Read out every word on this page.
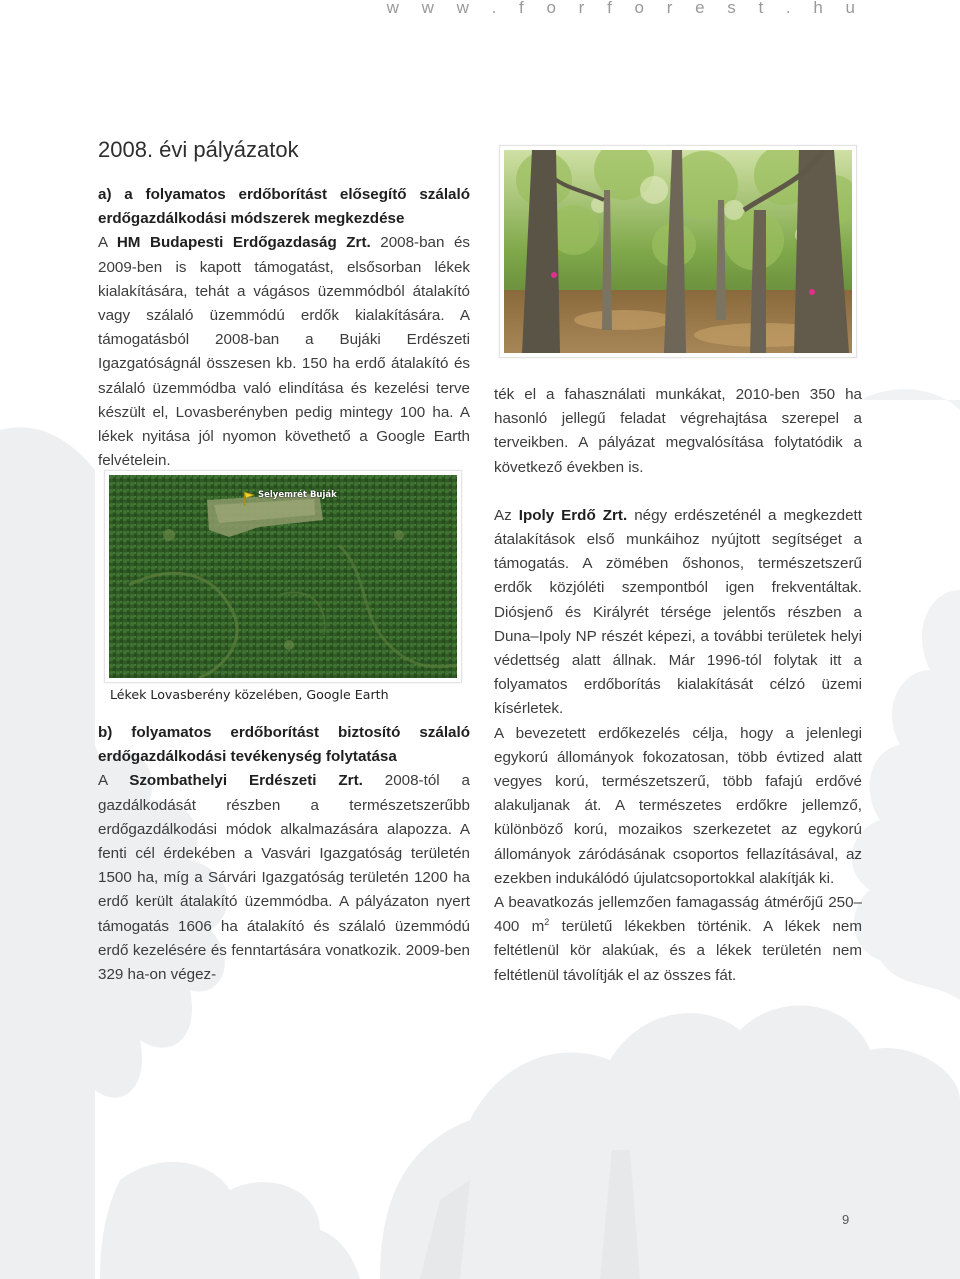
w w w . f o r f o r e s t . h u
2008. évi pályázatok

a) a folyamatos erdőborítást elősegítő szálaló erdőgazdálkodási módszerek megkezdése

A HM Budapesti Erdőgazdaság Zrt. 2008-ban és 2009-ben is kapott támogatást, elsősorban lékek kialakítására, tehát a vágásos üzemmódból átalakító vagy szálaló üzemmódú erdők kialakítására. A támogatásból 2008-ban a Bujáki Erdészeti Igazgatóságnál összesen kb. 150 ha erdő átalakító és szálaló üzemmódba való elindítása és kezelési terve készült el, Lovasberényben pedig mintegy 100 ha. A lékek nyitása jól nyomon követhető a Google Earth felvételein.

Selyemrét Buják
Lékek Lovasberény közelében, Google Earth

b) folyamatos erdőborítást biztosító szálaló erdőgazdálkodási tevékenység folytatása

A Szombathelyi Erdészeti Zrt. 2008-tól a gazdálkodását részben a természetszerűbb erdőgazdálkodási módok alkalmazására alapozza. A fenti cél érdekében a Vasvári Igazgatóság területén 1500 ha, míg a Sárvári Igazgatóság területén 1200 ha erdő került átalakító üzemmódba. A pályázaton nyert támogatás 1606 ha átalakító és szálaló üzemmódú erdő kezelésére és fenntartására vonatkozik. 2009-ben 329 ha-on végez-

ték el a fahasználati munkákat, 2010-ben 350 ha hasonló jellegű feladat végrehajtása szerepel a terveikben. A pályázat megvalósítása folytatódik a következő években is.

Az Ipoly Erdő Zrt. négy erdészeténél a megkezdett átalakítások első munkáihoz nyújtott segítséget a támogatás. A zömében őshonos, természetszerű erdők közjóléti szempontból igen frekventáltak. Diósjenő és Királyrét térsége jelentős részben a Duna–Ipoly NP részét képezi, a további területek helyi védettség alatt állnak. Már 1996-tól folytak itt a folyamatos erdőborítás kialakítását célzó üzemi kísérletek.

A bevezetett erdőkezelés célja, hogy a jelenlegi egykorú állományok fokozatosan, több évtized alatt vegyes korú, természetszerű, több fafajú erdővé alakuljanak át. A természetes erdőkre jellemző, különböző korú, mozaikos szerkezetet az egykorú állományok záródásának csoportos fellazításával, az ezekben indukálódó újulatcsoportokkal alakítják ki.

A beavatkozás jellemzően famagasság átmérőjű 250–400 $m^2$ területű lékekben történik. A lékek nem feltétlenül kör alakúak, és a lékek területén nem feltétlenül távolítják el az összes fát.

9
